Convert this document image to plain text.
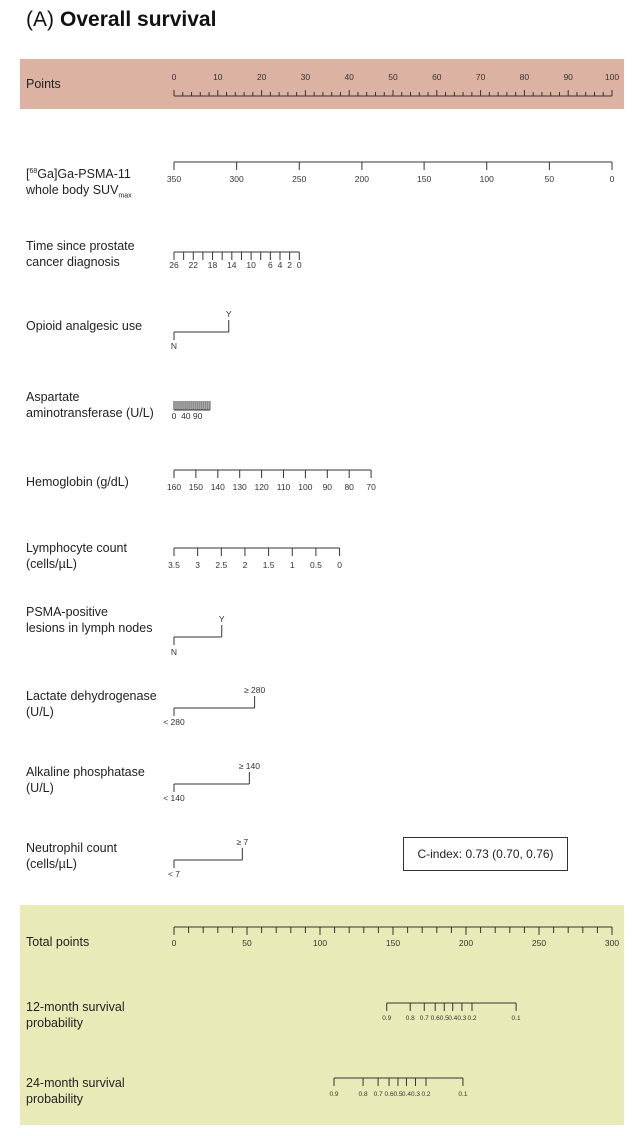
(A) Overall survival
Points
[$^{68}$Ga]Ga-PSMA-11
whole body $SUV_{max}$
Time since prostate
cancer diagnosis
Opioid analgesic use
Aspartate
aminotransferase (U/L)
Hemoglobin (g/dL)
Lymphocyte count
(cells/µL)
PSMA-positive
lesions in lymph nodes
Lactate dehydrogenase
(U/L)
Alkaline phosphatase
(U/L)
Neutrophil count
(cells/µL)
Total points
12-month survival
probability
24-month survival
probability
C-index: 0.73 (0.70, 0.76)
0	10	20	30	40	50	60	70	80	90	100
350	300	250	200	150	100	50	0
26 22 18 14 10 6 4 2 0
N
Y
0 40 90
160 150 140 130 120 110 100 90 80 70
3.5 3 2.5 2 1.5 1 0.5 0
N
Y
< 280
≥ 280
< 140
≥ 140
< 7
≥ 7
0	50	100	150	200	250	300
0.9 0.8 0.7 0.6 0.5 0.4 0.3 0.2	0.1
0.9	0.8 0.7 0.6 0.5 0.4 0.3 0.2	0.1
